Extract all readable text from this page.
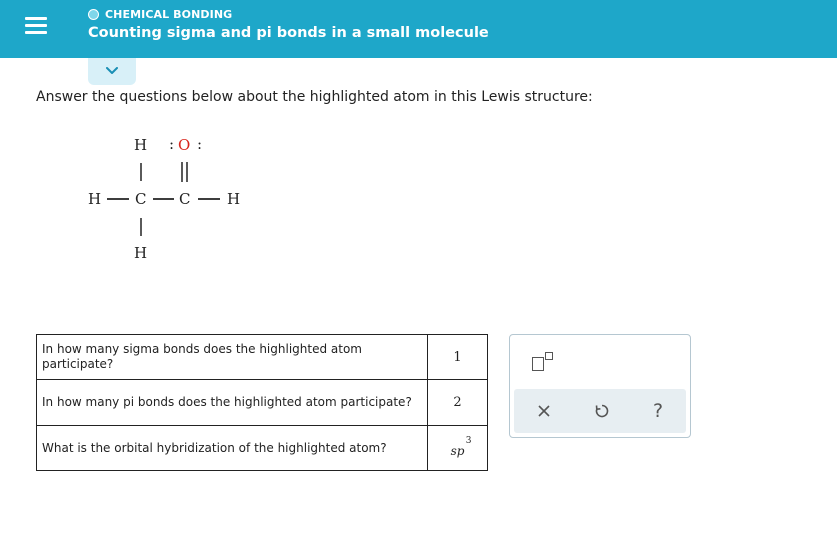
CHEMICAL BONDING
Counting sigma and pi bonds in a small molecule
Answer the questions below about the highlighted atom in this Lewis structure:
H : O :
H C C H
H
In how many sigma bonds does the highlighted atom participate?	1
In how many pi bonds does the highlighted atom participate?	2
What is the orbital hybridization of the highlighted atom?	sp
3
?
